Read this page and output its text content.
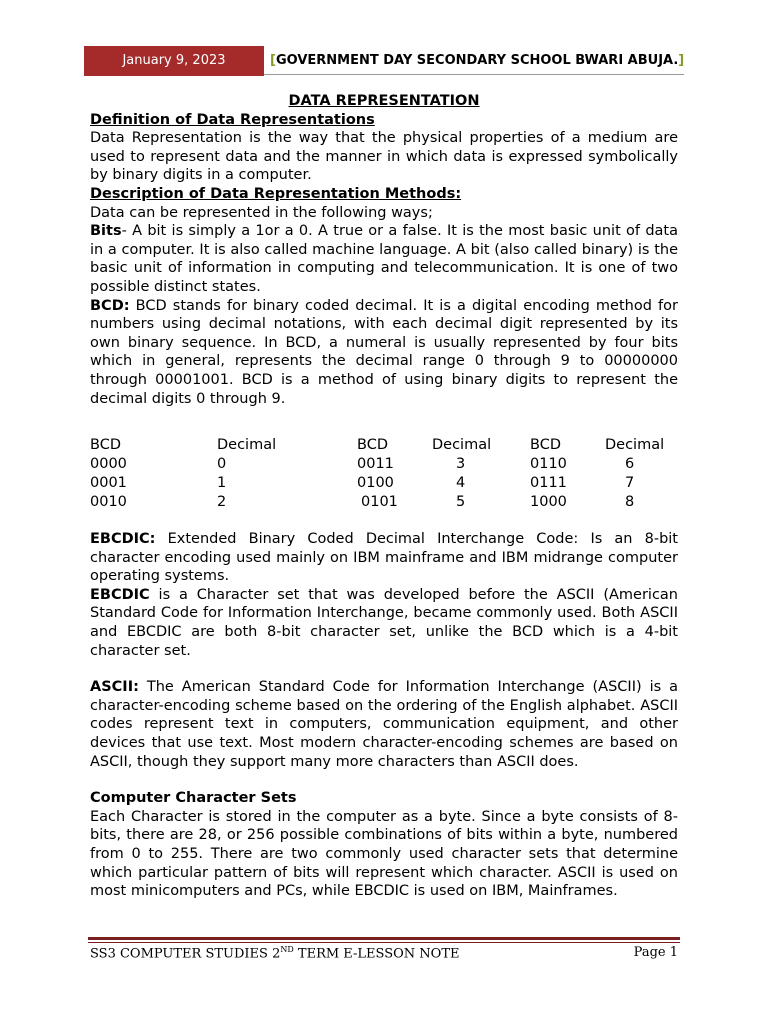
January 9, 2023	[GOVERNMENT DAY SECONDARY SCHOOL BWARI ABUJA.]

DATA REPRESENTATION

Definition of Data Representations

Data Representation is the way that the physical properties of a medium are used to represent data and the manner in which data is expressed symbolically by binary digits in a computer.

Description of Data Representation Methods:

Data can be represented in the following ways;

Bits- A bit is simply a 1or a 0. A true or a false. It is the most basic unit of data in a computer. It is also called machine language. A bit (also called binary) is the basic unit of information in computing and telecommunication. It is one of two possible distinct states.

BCD: BCD stands for binary coded decimal. It is a digital encoding method for numbers using decimal notations, with each decimal digit represented by its own binary sequence. In BCD, a numeral is usually represented by four bits which in general, represents the decimal range 0 through 9 to 00000000 through 00001001. BCD is a method of using binary digits to represent the decimal digits 0 through 9.

BCD	Decimal	BCD	Decimal	BCD	Decimal
0000	0	0011	3	0110	6
0001	1	0100	4	0111	7
0010	2	0101	5	1000	8

EBCDIC: Extended Binary Coded Decimal Interchange Code: Is an 8-bit character encoding used mainly on IBM mainframe and IBM midrange computer operating systems.

EBCDIC is a Character set that was developed before the ASCII (American Standard Code for Information Interchange, became commonly used. Both ASCII and EBCDIC are both 8-bit character set, unlike the BCD which is a 4-bit character set.

ASCII: The American Standard Code for Information Interchange (ASCII) is a character-encoding scheme based on the ordering of the English alphabet. ASCII codes represent text in computers, communication equipment, and other devices that use text. Most modern character-encoding schemes are based on ASCII, though they support many more characters than ASCII does.

Computer Character Sets

Each Character is stored in the computer as a byte. Since a byte consists of 8-bits, there are 28, or 256 possible combinations of bits within a byte, numbered from 0 to 255. There are two commonly used character sets that determine which particular pattern of bits will represent which character. ASCII is used on most minicomputers and PCs, while EBCDIC is used on IBM, Mainframes.

SS3 COMPUTER STUDIES 2ND TERM E-LESSON NOTE	Page 1
